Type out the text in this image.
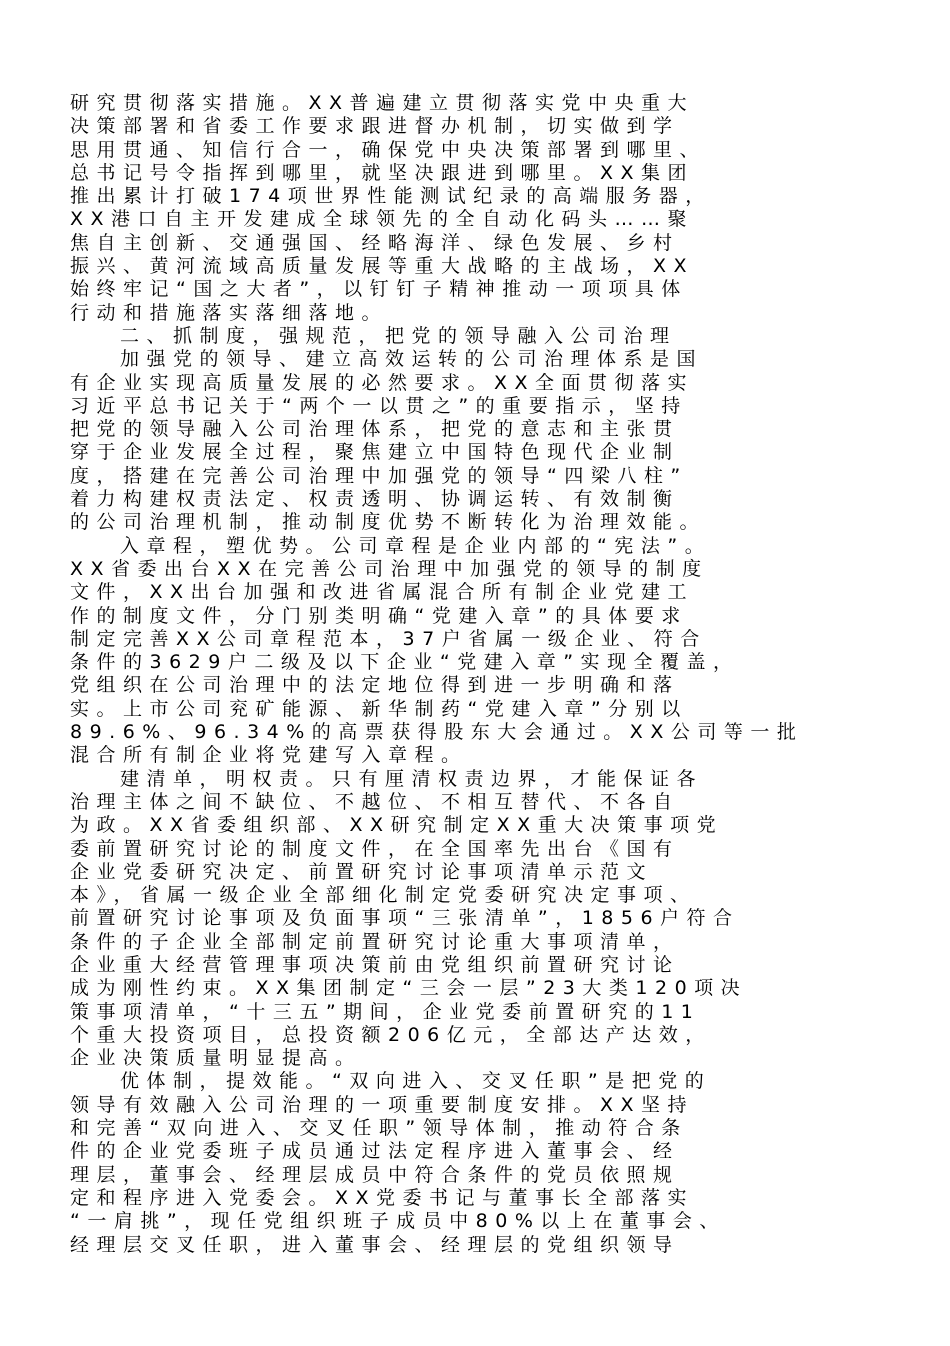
研究贯彻落实措施。XX普遍建立贯彻落实党中央重大
决策部署和省委工作要求跟进督办机制，切实做到学
思用贯通、知信行合一，确保党中央决策部署到哪里、
总书记号令指挥到哪里，就坚决跟进到哪里。XX集团
推出累计打破174项世界性能测试纪录的高端服务器，
XX港口自主开发建成全球领先的全自动化码头……聚
焦自主创新、交通强国、经略海洋、绿色发展、乡村
振兴、黄河流域高质量发展等重大战略的主战场，XX
始终牢记“国之大者”，以钉钉子精神推动一项项具体
行动和措施落实落细落地。
二、抓制度，强规范，把党的领导融入公司治理
加强党的领导、建立高效运转的公司治理体系是国
有企业实现高质量发展的必然要求。XX全面贯彻落实
习近平总书记关于“两个一以贯之”的重要指示，坚持
把党的领导融入公司治理体系，把党的意志和主张贯
穿于企业发展全过程，聚焦建立中国特色现代企业制
度，搭建在完善公司治理中加强党的领导“四梁八柱”
着力构建权责法定、权责透明、协调运转、有效制衡
的公司治理机制，推动制度优势不断转化为治理效能。
入章程，塑优势。公司章程是企业内部的“宪法”。
XX省委出台XX在完善公司治理中加强党的领导的制度
文件，XX出台加强和改进省属混合所有制企业党建工
作的制度文件，分门别类明确“党建入章”的具体要求
制定完善XX公司章程范本，37户省属一级企业、符合
条件的3629户二级及以下企业“党建入章”实现全覆盖，
党组织在公司治理中的法定地位得到进一步明确和落
实。上市公司兖矿能源、新华制药“党建入章”分别以
89.6%、96.34%的高票获得股东大会通过。XX公司等一批
混合所有制企业将党建写入章程。
建清单，明权责。只有厘清权责边界，才能保证各
治理主体之间不缺位、不越位、不相互替代、不各自
为政。XX省委组织部、XX研究制定XX重大决策事项党
委前置研究讨论的制度文件，在全国率先出台《国有
企业党委研究决定、前置研究讨论事项清单示范文
本》，省属一级企业全部细化制定党委研究决定事项、
前置研究讨论事项及负面事项“三张清单”，1856户符合
条件的子企业全部制定前置研究讨论重大事项清单，
企业重大经营管理事项决策前由党组织前置研究讨论
成为刚性约束。XX集团制定“三会一层”23大类120项决
策事项清单，“十三五”期间，企业党委前置研究的11
个重大投资项目，总投资额206亿元，全部达产达效，
企业决策质量明显提高。
优体制，提效能。“双向进入、交叉任职”是把党的
领导有效融入公司治理的一项重要制度安排。XX坚持
和完善“双向进入、交叉任职”领导体制，推动符合条
件的企业党委班子成员通过法定程序进入董事会、经
理层，董事会、经理层成员中符合条件的党员依照规
定和程序进入党委会。XX党委书记与董事长全部落实
“一肩挑”，现任党组织班子成员中80%以上在董事会、
经理层交叉任职，进入董事会、经理层的党组织领导
